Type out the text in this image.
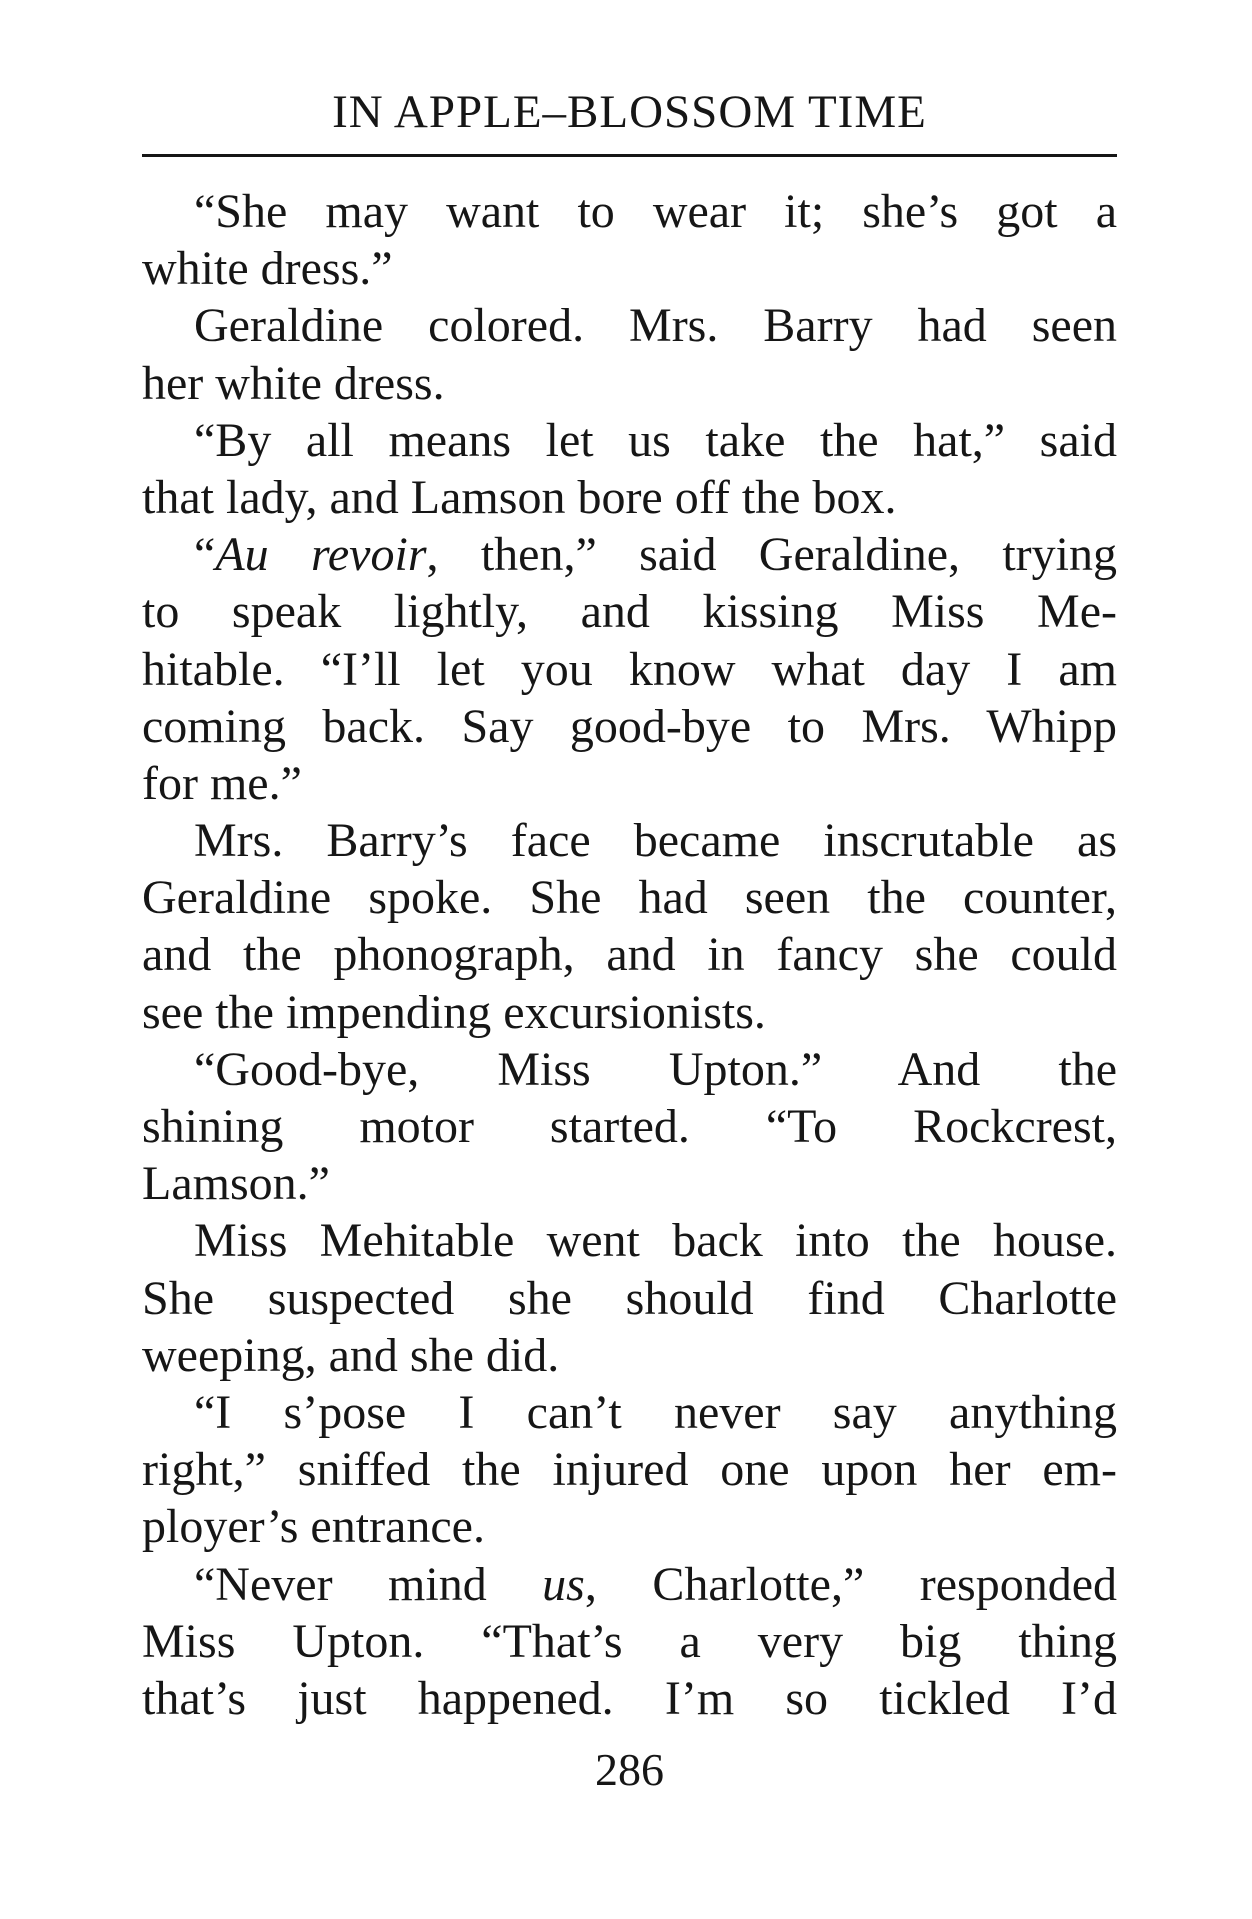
IN APPLE–BLOSSOM TIME
“She may want to wear it; she’s got a
white dress.”
Geraldine colored. Mrs. Barry had seen
her white dress.
“By all means let us take the hat,” said
that lady, and Lamson bore off the box.
“Au revoir, then,” said Geraldine, trying
to speak lightly, and kissing Miss Me-
hitable. “I’ll let you know what day I am
coming back. Say good-bye to Mrs. Whipp
for me.”
Mrs. Barry’s face became inscrutable as
Geraldine spoke. She had seen the counter,
and the phonograph, and in fancy she could
see the impending excursionists.
“Good-bye, Miss Upton.” And the
shining motor started. “To Rockcrest,
Lamson.”
Miss Mehitable went back into the house.
She suspected she should find Charlotte
weeping, and she did.
“I s’pose I can’t never say anything
right,” sniffed the injured one upon her em-
ployer’s entrance.
“Never mind us, Charlotte,” responded
Miss Upton. “That’s a very big thing
that’s just happened. I’m so tickled I’d
286
